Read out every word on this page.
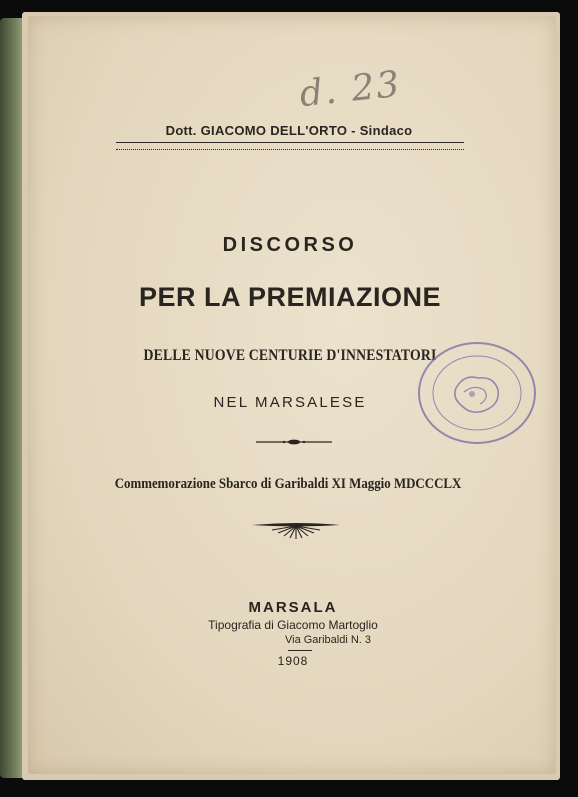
d. 23
Dott. GIACOMO DELL'ORTO - Sindaco
DISCORSO
PER LA PREMIAZIONE
DELLE NUOVE CENTURIE D'INNESTATORI
NEL MARSALESE
Commemorazione Sbarco di Garibaldi XI Maggio MDCCCLX
MARSALA
Tipografia di Giacomo Martoglio
Via Garibaldi N. 3
1908
